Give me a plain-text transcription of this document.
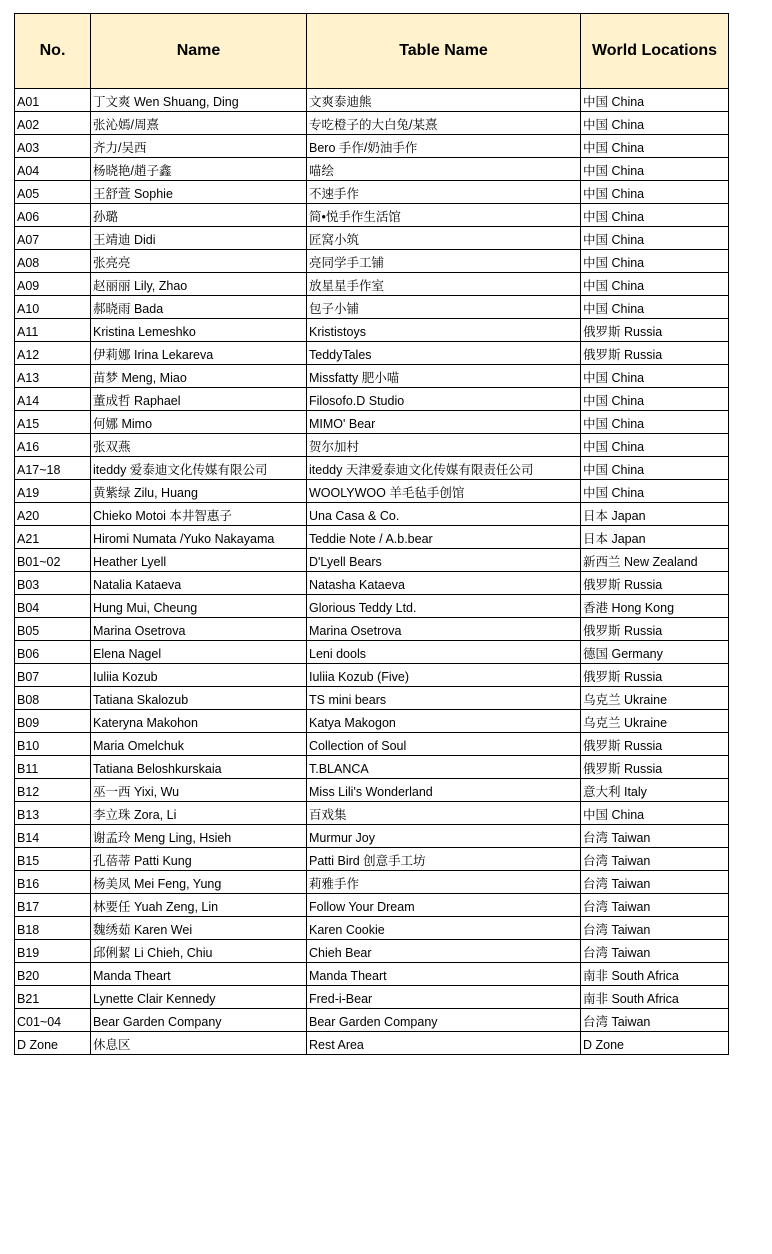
No.	Name	Table Name	World Locations
A01	丁文爽 Wen Shuang, Ding	文爽泰迪熊	中国 China
A02	张沁嫣/周熹	专吃橙子的大白兔/某熹	中国 China
A03	齐力/吴西	Bero 手作/奶油手作	中国 China
A04	杨晓艳/趙子鑫	喵绘	中国 China
A05	王舒萱 Sophie	不速手作	中国 China
A06	孙璐	简•悦手作生活馆	中国 China
A07	王靖迪 Didi	匠窝小筑	中国 China
A08	张亮亮	亮同学手工铺	中国 China
A09	赵丽丽 Lily, Zhao	放星星手作室	中国 China
A10	郝晓雨 Bada	包子小铺	中国 China
A11	Kristina Lemeshko	Krististoys	俄罗斯 Russia
A12	伊莉娜 Irina Lekareva	TeddyTales	俄罗斯 Russia
A13	苗梦 Meng, Miao	Missfatty 肥小喵	中国 China
A14	董成哲 Raphael	Filosofo.D Studio	中国 China
A15	何娜 Mimo	MIMO' Bear	中国 China
A16	张双燕	贺尔加村	中国 China
A17~18	iteddy 爱泰迪文化传媒有限公司	iteddy 天津爱泰迪文化传媒有限责任公司	中国 China
A19	黄紫绿 Zilu, Huang	WOOLYWOO 羊毛毡手创馆	中国 China
A20	Chieko Motoi 本井智惠子	Una Casa & Co.	日本 Japan
A21	Hiromi Numata /Yuko Nakayama	Teddie Note / A.b.bear	日本 Japan
B01~02	Heather Lyell	D'Lyell Bears	新西兰 New Zealand
B03	Natalia Kataeva	Natasha Kataeva	俄罗斯 Russia
B04	Hung Mui, Cheung	Glorious Teddy Ltd.	香港 Hong Kong
B05	Marina Osetrova	Marina Osetrova	俄罗斯 Russia
B06	Elena Nagel	Leni dools	德国 Germany
B07	Iuliia Kozub	Iuliia Kozub (Five)	俄罗斯 Russia
B08	Tatiana Skalozub	TS mini bears	乌克兰 Ukraine
B09	Kateryna Makohon	Katya Makogon	乌克兰 Ukraine
B10	Maria Omelchuk	Collection of Soul	俄罗斯 Russia
B11	Tatiana Beloshkurskaia	T.BLANCA	俄罗斯 Russia
B12	巫一西 Yixi, Wu	Miss Lili's Wonderland	意大利 Italy
B13	李立珠 Zora, Li	百戏集	中国 China
B14	谢孟玲 Meng Ling, Hsieh	Murmur Joy	台湾 Taiwan
B15	孔蓓蒂 Patti Kung	Patti Bird 创意手工坊	台湾 Taiwan
B16	杨美凤 Mei Feng, Yung	莉雅手作	台湾 Taiwan
B17	林要任 Yuah Zeng, Lin	Follow Your Dream	台湾 Taiwan
B18	魏绣茹 Karen Wei	Karen Cookie	台湾 Taiwan
B19	邱俐絜 Li Chieh, Chiu	Chieh Bear	台湾 Taiwan
B20	Manda Theart	Manda Theart	南非 South Africa
B21	Lynette Clair Kennedy	Fred-i-Bear	南非 South Africa
C01~04	Bear Garden Company	Bear Garden Company	台湾 Taiwan
D Zone	休息区	Rest Area	D Zone
